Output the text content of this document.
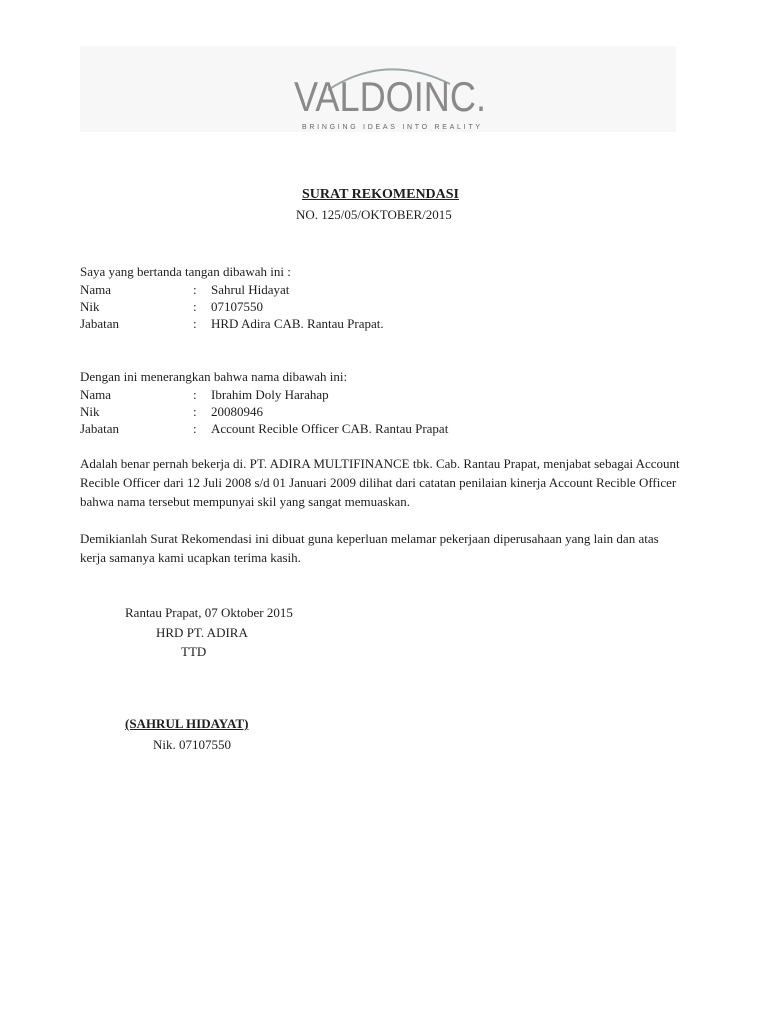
VALDOINC.
BRINGING IDEAS INTO REALITY
SURAT REKOMENDASI
NO. 125/05/OKTOBER/2015
Saya yang bertanda tangan dibawah ini :
Nama	: Sahrul Hidayat
Nik	: 07107550
Jabatan	: HRD Adira CAB. Rantau Prapat.
Dengan ini menerangkan bahwa nama dibawah ini:
Nama	: Ibrahim Doly Harahap
Nik	: 20080946
Jabatan	: Account Recible Officer CAB. Rantau Prapat
Adalah benar pernah bekerja di. PT. ADIRA MULTIFINANCE tbk. Cab. Rantau Prapat, menjabat sebagai Account Recible Officer dari 12 Juli 2008 s/d 01 Januari 2009 dilihat dari catatan penilaian kinerja Account Recible Officer bahwa nama tersebut mempunyai skil yang sangat memuaskan.
Demikianlah Surat Rekomendasi ini dibuat guna keperluan melamar pekerjaan diperusahaan yang lain dan atas kerja samanya kami ucapkan terima kasih.
Rantau Prapat, 07 Oktober 2015
HRD PT. ADIRA
TTD
(SAHRUL HIDAYAT)
Nik. 07107550
